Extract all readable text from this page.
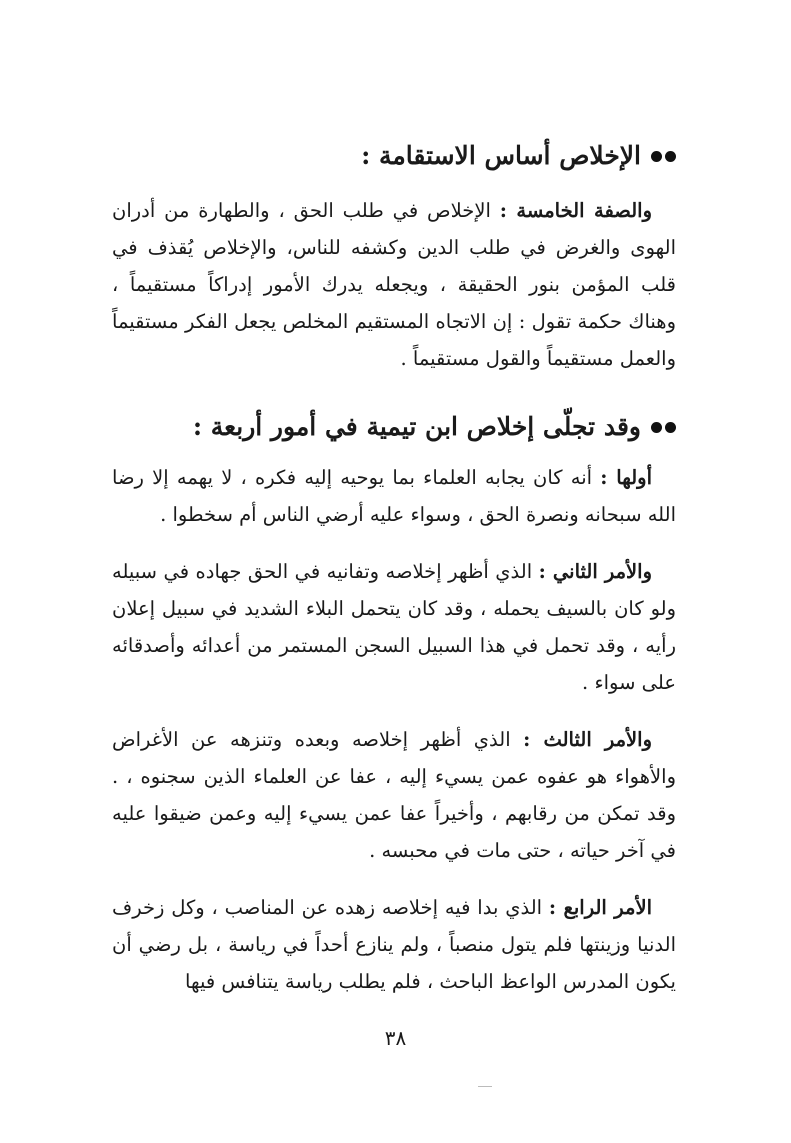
الإخلاص أساس الاستقامة :

والصفة الخامسة : الإخلاص في طلب الحق ، والطهارة من أدران الهوى والغرض في طلب الدين وكشفه للناس، والإخلاص يُقذف في قلب المؤمن بنور الحقيقة ، ويجعله يدرك الأمور إدراكاً مستقيماً ، وهناك حكمة تقول : إن الاتجاه المستقيم المخلص يجعل الفكر مستقيماً والعمل مستقيماً والقول مستقيماً .

وقد تجلّى إخلاص ابن تيمية في أمور أربعة :

أولها : أنه كان يجابه العلماء بما يوحيه إليه فكره ، لا يهمه إلا رضا الله سبحانه ونصرة الحق ، وسواء عليه أرضي الناس أم سخطوا .

والأمر الثاني : الذي أظهر إخلاصه وتفانيه في الحق جهاده في سبيله ولو كان بالسيف يحمله ، وقد كان يتحمل البلاء الشديد في سبيل إعلان رأيه ، وقد تحمل في هذا السبيل السجن المستمر من أعدائه وأصدقائه على سواء .

والأمر الثالث : الذي أظهر إخلاصه وبعده وتنزهه عن الأغراض والأهواء هو عفوه عمن يسيء إليه ، عفا عن العلماء الذين سجنوه ، . وقد تمكن من رقابهم ، وأخيراً عفا عمن يسيء إليه وعمن ضيقوا عليه في آخر حياته ، حتى مات في محبسه .

الأمر الرابع : الذي بدا فيه إخلاصه زهده عن المناصب ، وكل زخرف الدنيا وزينتها فلم يتول منصباً ، ولم ينازع أحداً في رياسة ، بل رضي أن يكون المدرس الواعظ الباحث ، فلم يطلب رياسة يتنافس فيها

٣٨
